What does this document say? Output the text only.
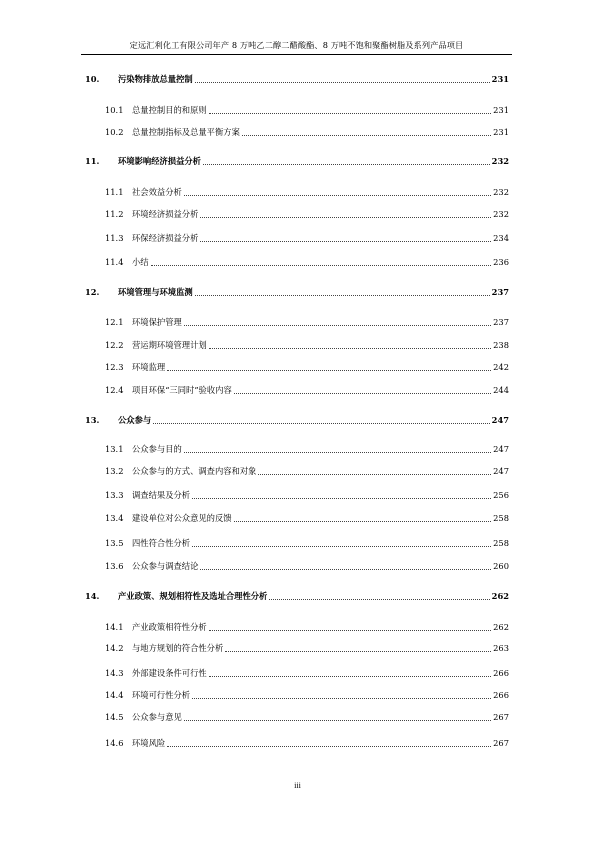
定远汇利化工有限公司年产 8 万吨乙二醇二醋酸酯、8 万吨不饱和聚酯树脂及系列产品项目
10.	污染物排放总量控制	231
10.1	总量控制目的和原则	231
10.2	总量控制指标及总量平衡方案	231
11.	环境影响经济损益分析	232
11.1	社会效益分析	232
11.2	环境经济损益分析	232
11.3	环保经济损益分析	234
11.4	小结	236
12.	环境管理与环境监测	237
12.1	环境保护管理	237
12.2	营运期环境管理计划	238
12.3	环境监理	242
12.4	项目环保“三同时”验收内容	244
13.	公众参与	247
13.1	公众参与目的	247
13.2	公众参与的方式、调查内容和对象	247
13.3	调查结果及分析	256
13.4	建设单位对公众意见的反馈	258
13.5	四性符合性分析	258
13.6	公众参与调查结论	260
14.	产业政策、规划相符性及选址合理性分析	262
14.1	产业政策相符性分析	262
14.2	与地方规划的符合性分析	263
14.3	外部建设条件可行性	266
14.4	环境可行性分析	266
14.5	公众参与意见	267
14.6	环境风险	267
iii
